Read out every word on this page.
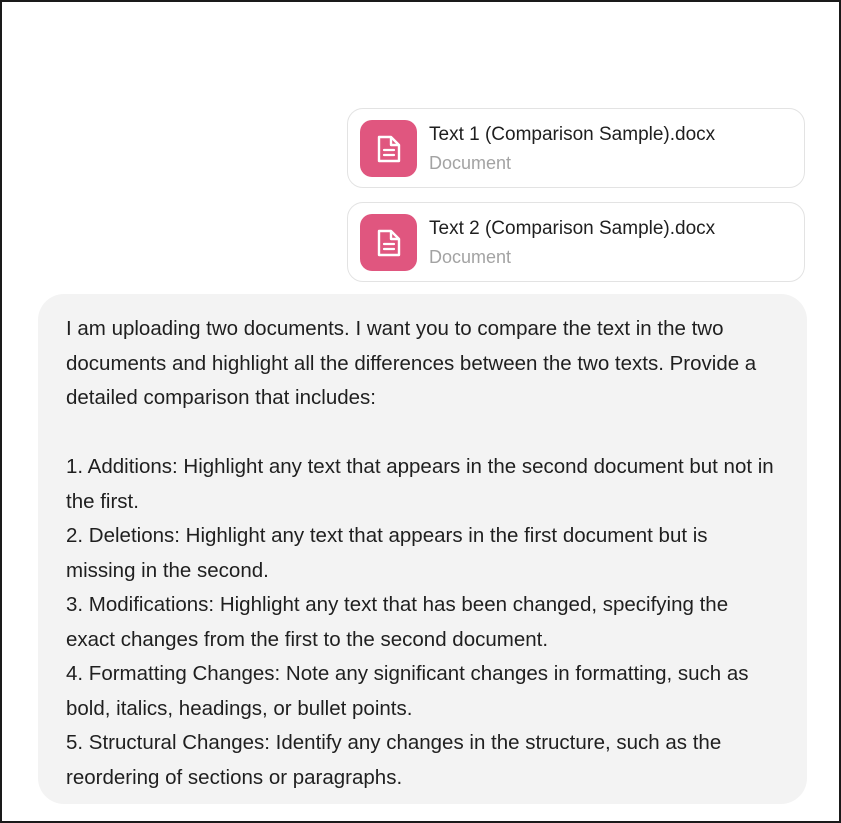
Text 1 (Comparison Sample).docx
Document
Text 2 (Comparison Sample).docx
Document

I am uploading two documents. I want you to compare the text in the two documents and highlight all the differences between the two texts. Provide a detailed comparison that includes:

1. Additions: Highlight any text that appears in the second document but not in the first.

2. Deletions: Highlight any text that appears in the first document but is missing in the second.

3. Modifications: Highlight any text that has been changed, specifying the exact changes from the first to the second document.

4. Formatting Changes: Note any significant changes in formatting, such as bold, italics, headings, or bullet points.

5. Structural Changes: Identify any changes in the structure, such as the reordering of sections or paragraphs.
